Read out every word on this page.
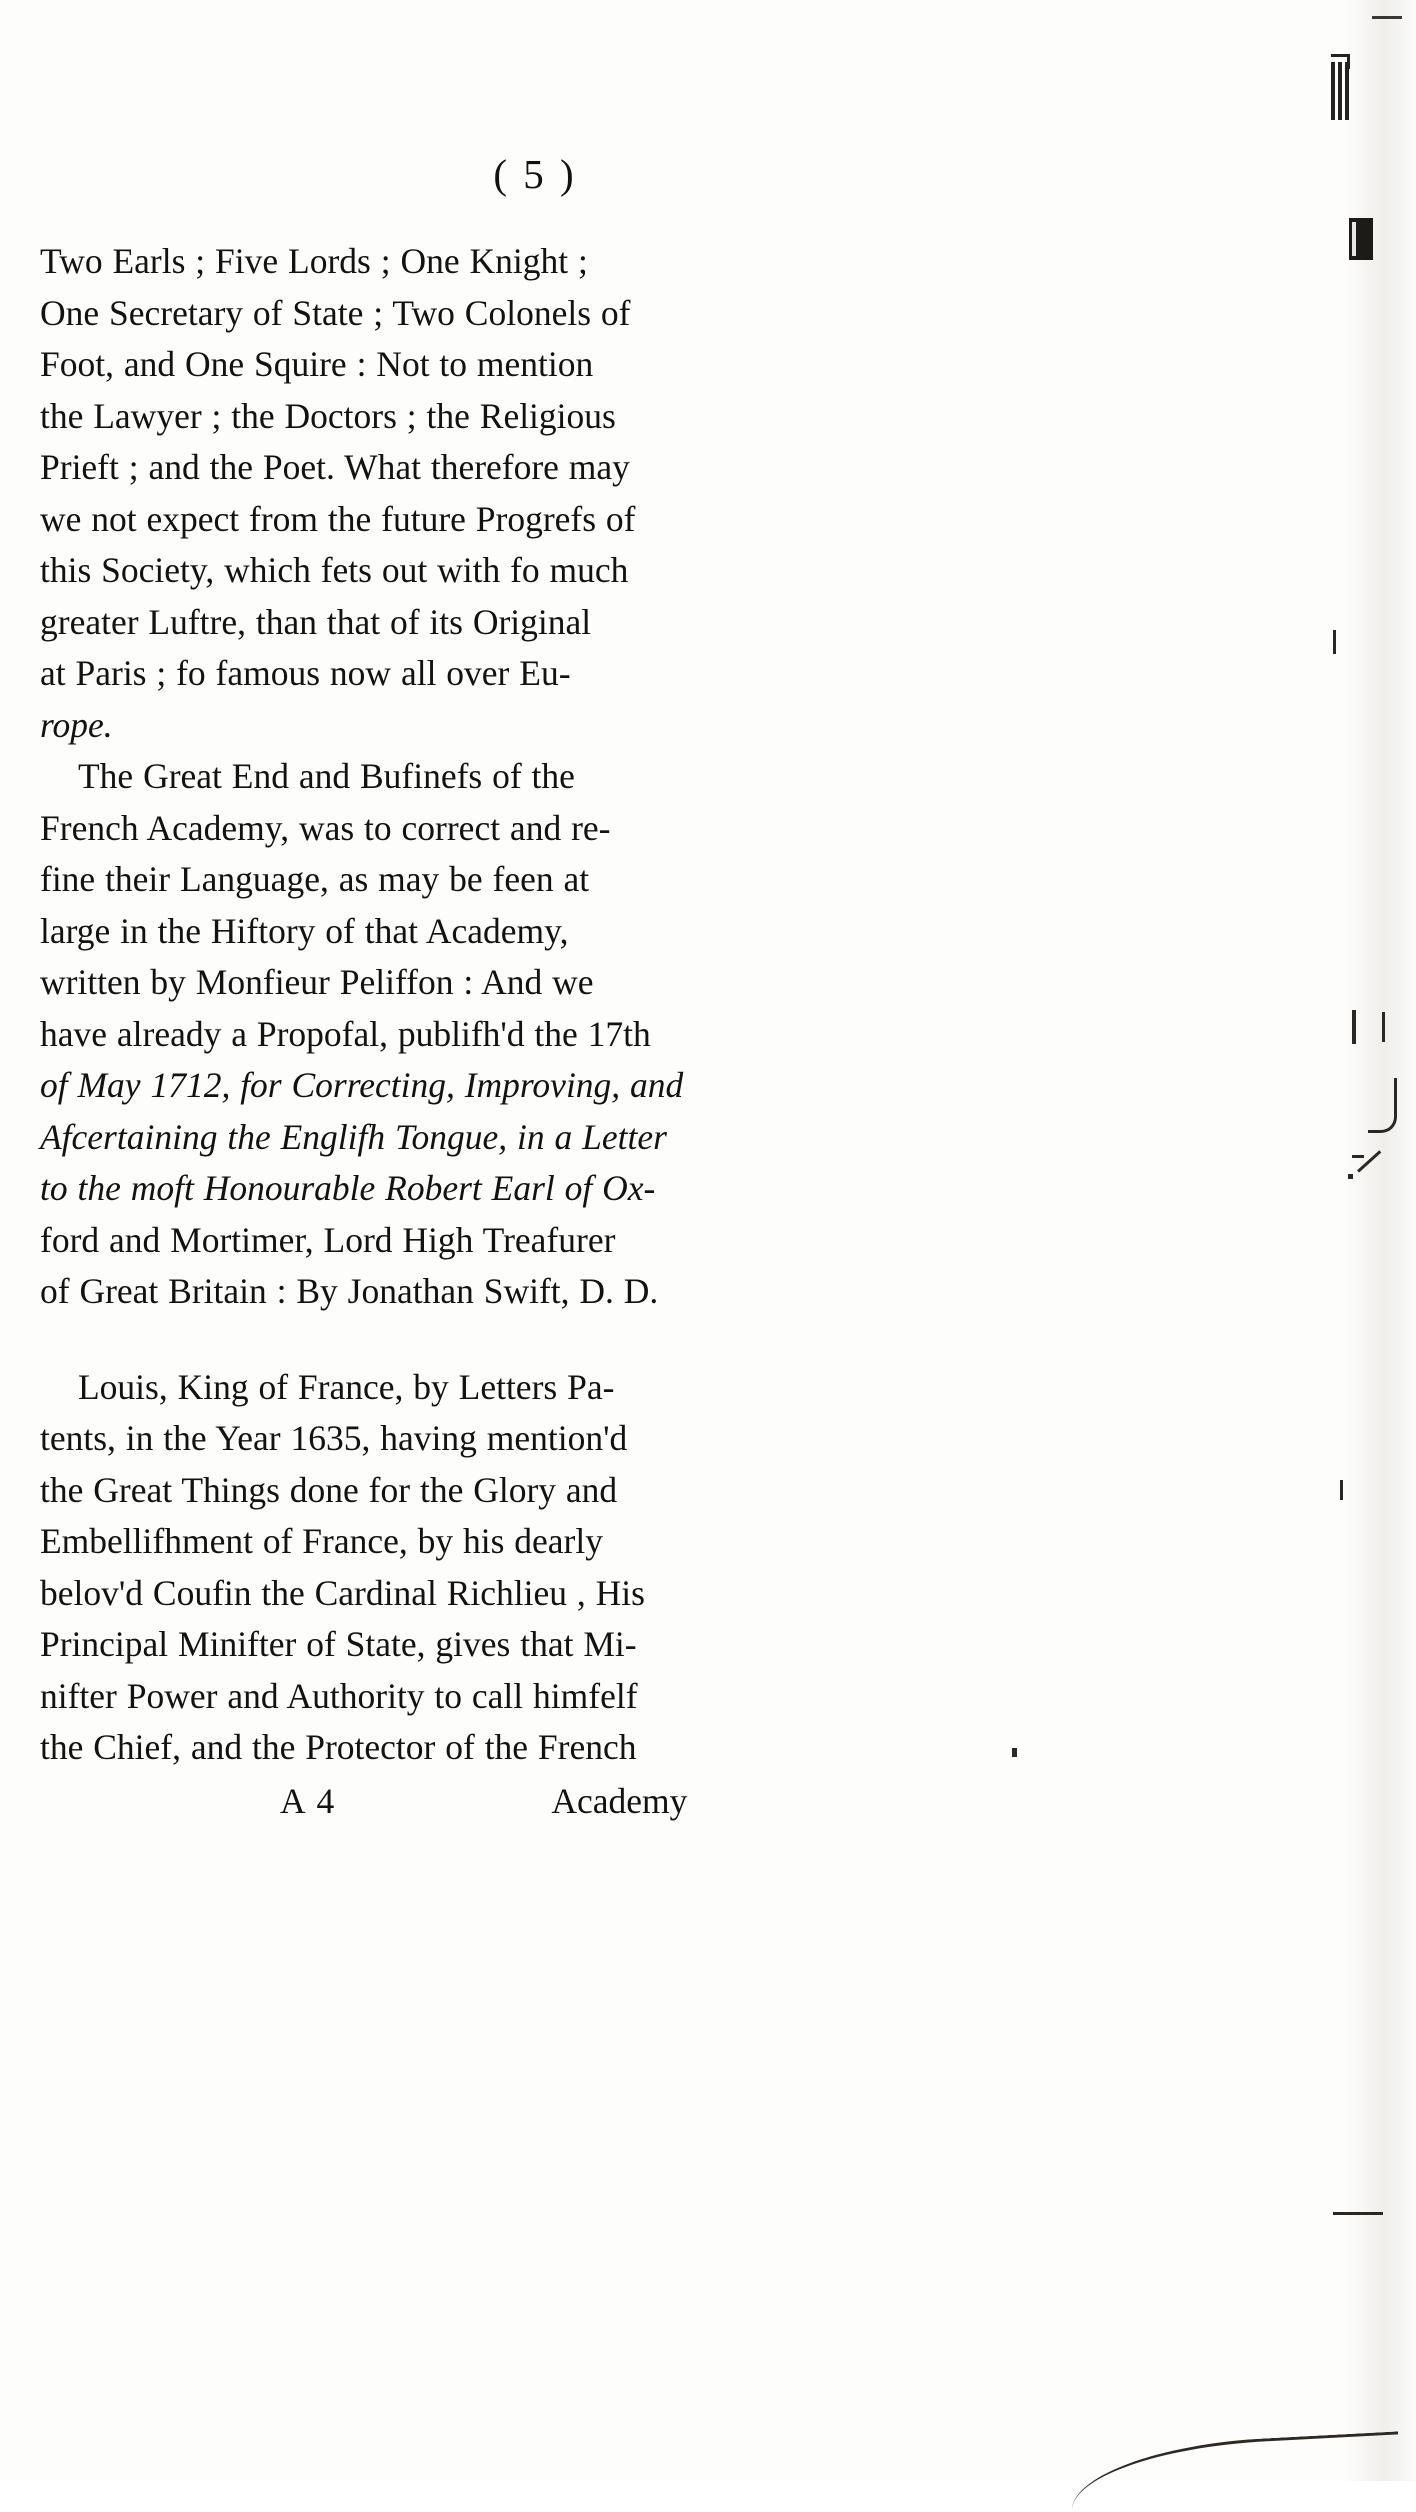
( 5 )

Two Earls ; Five Lords ; One Knight ;
One Secretary of State ; Two Colonels of
Foot, and One Squire : Not to mention
the Lawyer ; the Doctors ; the Religious
Prieft ; and the Poet. What therefore may
we not expect from the future Progrefs of
this Society, which fets out with fo much
greater Luftre, than that of its Original
at Paris ; fo famous now all over Eu-
rope.

The Great End and Bufinefs of the
French Academy, was to correct and re-
fine their Language, as may be feen at
large in the Hiftory of that Academy,
written by Monfieur Peliffon : And we
have already a Propofal, publifh'd the 17th
of May 1712, for Correcting, Improving, and
Afcertaining the Englifh Tongue, in a Letter
to the moft Honourable Robert Earl of Ox-
ford and Mortimer, Lord High Treafurer
of Great Britain : By Jonathan Swift, D. D.

Louis, King of France, by Letters Pa-
tents, in the Year 1635, having mention'd
the Great Things done for the Glory and
Embellifhment of France, by his dearly
belov'd Coufin the Cardinal Richlieu , His
Principal Minifter of State, gives that Mi-
nifter Power and Authority to call himfelf
the Chief, and the Protector of the French

A 4	Academy
